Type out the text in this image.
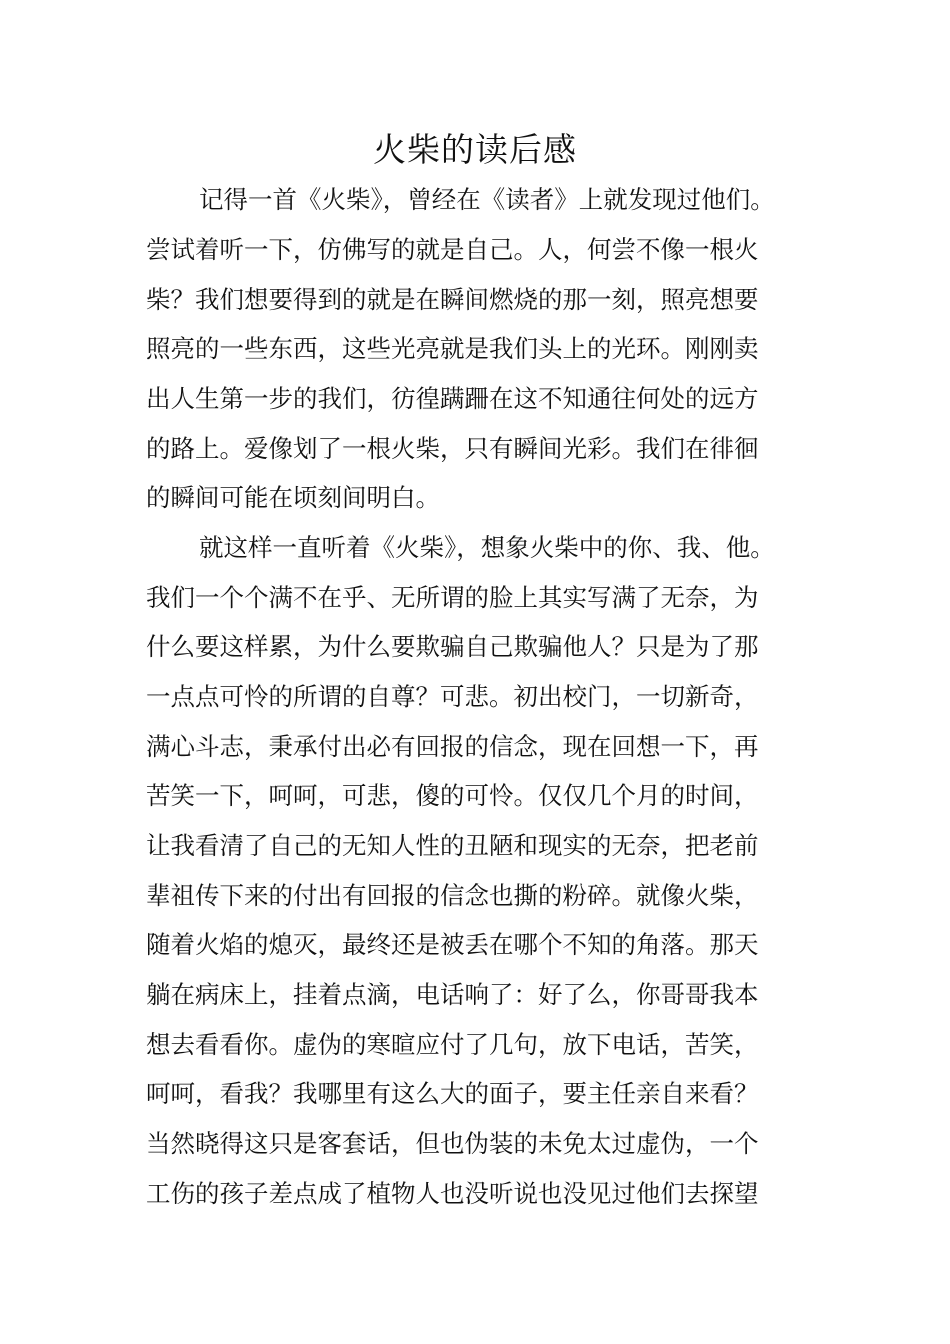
火柴的读后感

记得一首《火柴》，曾经在《读者》上就发现过他们。

尝试着听一下，仿佛写的就是自己。人，何尝不像一根火

柴？我们想要得到的就是在瞬间燃烧的那一刻，照亮想要

照亮的一些东西，这些光亮就是我们头上的光环。刚刚卖

出人生第一步的我们，彷徨蹒跚在这不知通往何处的远方

的路上。爱像划了一根火柴，只有瞬间光彩。我们在徘徊

的瞬间可能在顷刻间明白。

就这样一直听着《火柴》，想象火柴中的你、我、他。

我们一个个满不在乎、无所谓的脸上其实写满了无奈，为

什么要这样累，为什么要欺骗自己欺骗他人？只是为了那

一点点可怜的所谓的自尊？可悲。初出校门，一切新奇，

满心斗志，秉承付出必有回报的信念，现在回想一下，再

苦笑一下，呵呵，可悲，傻的可怜。仅仅几个月的时间，

让我看清了自己的无知人性的丑陋和现实的无奈，把老前

辈祖传下来的付出有回报的信念也撕的粉碎。就像火柴，

随着火焰的熄灭，最终还是被丢在哪个不知的角落。那天

躺在病床上，挂着点滴，电话响了：好了么，你哥哥我本

想去看看你。虚伪的寒暄应付了几句，放下电话，苦笑，

呵呵，看我？我哪里有这么大的面子，要主任亲自来看？

当然晓得这只是客套话，但也伪装的未免太过虚伪，一个

工伤的孩子差点成了植物人也没听说也没见过他们去探望
